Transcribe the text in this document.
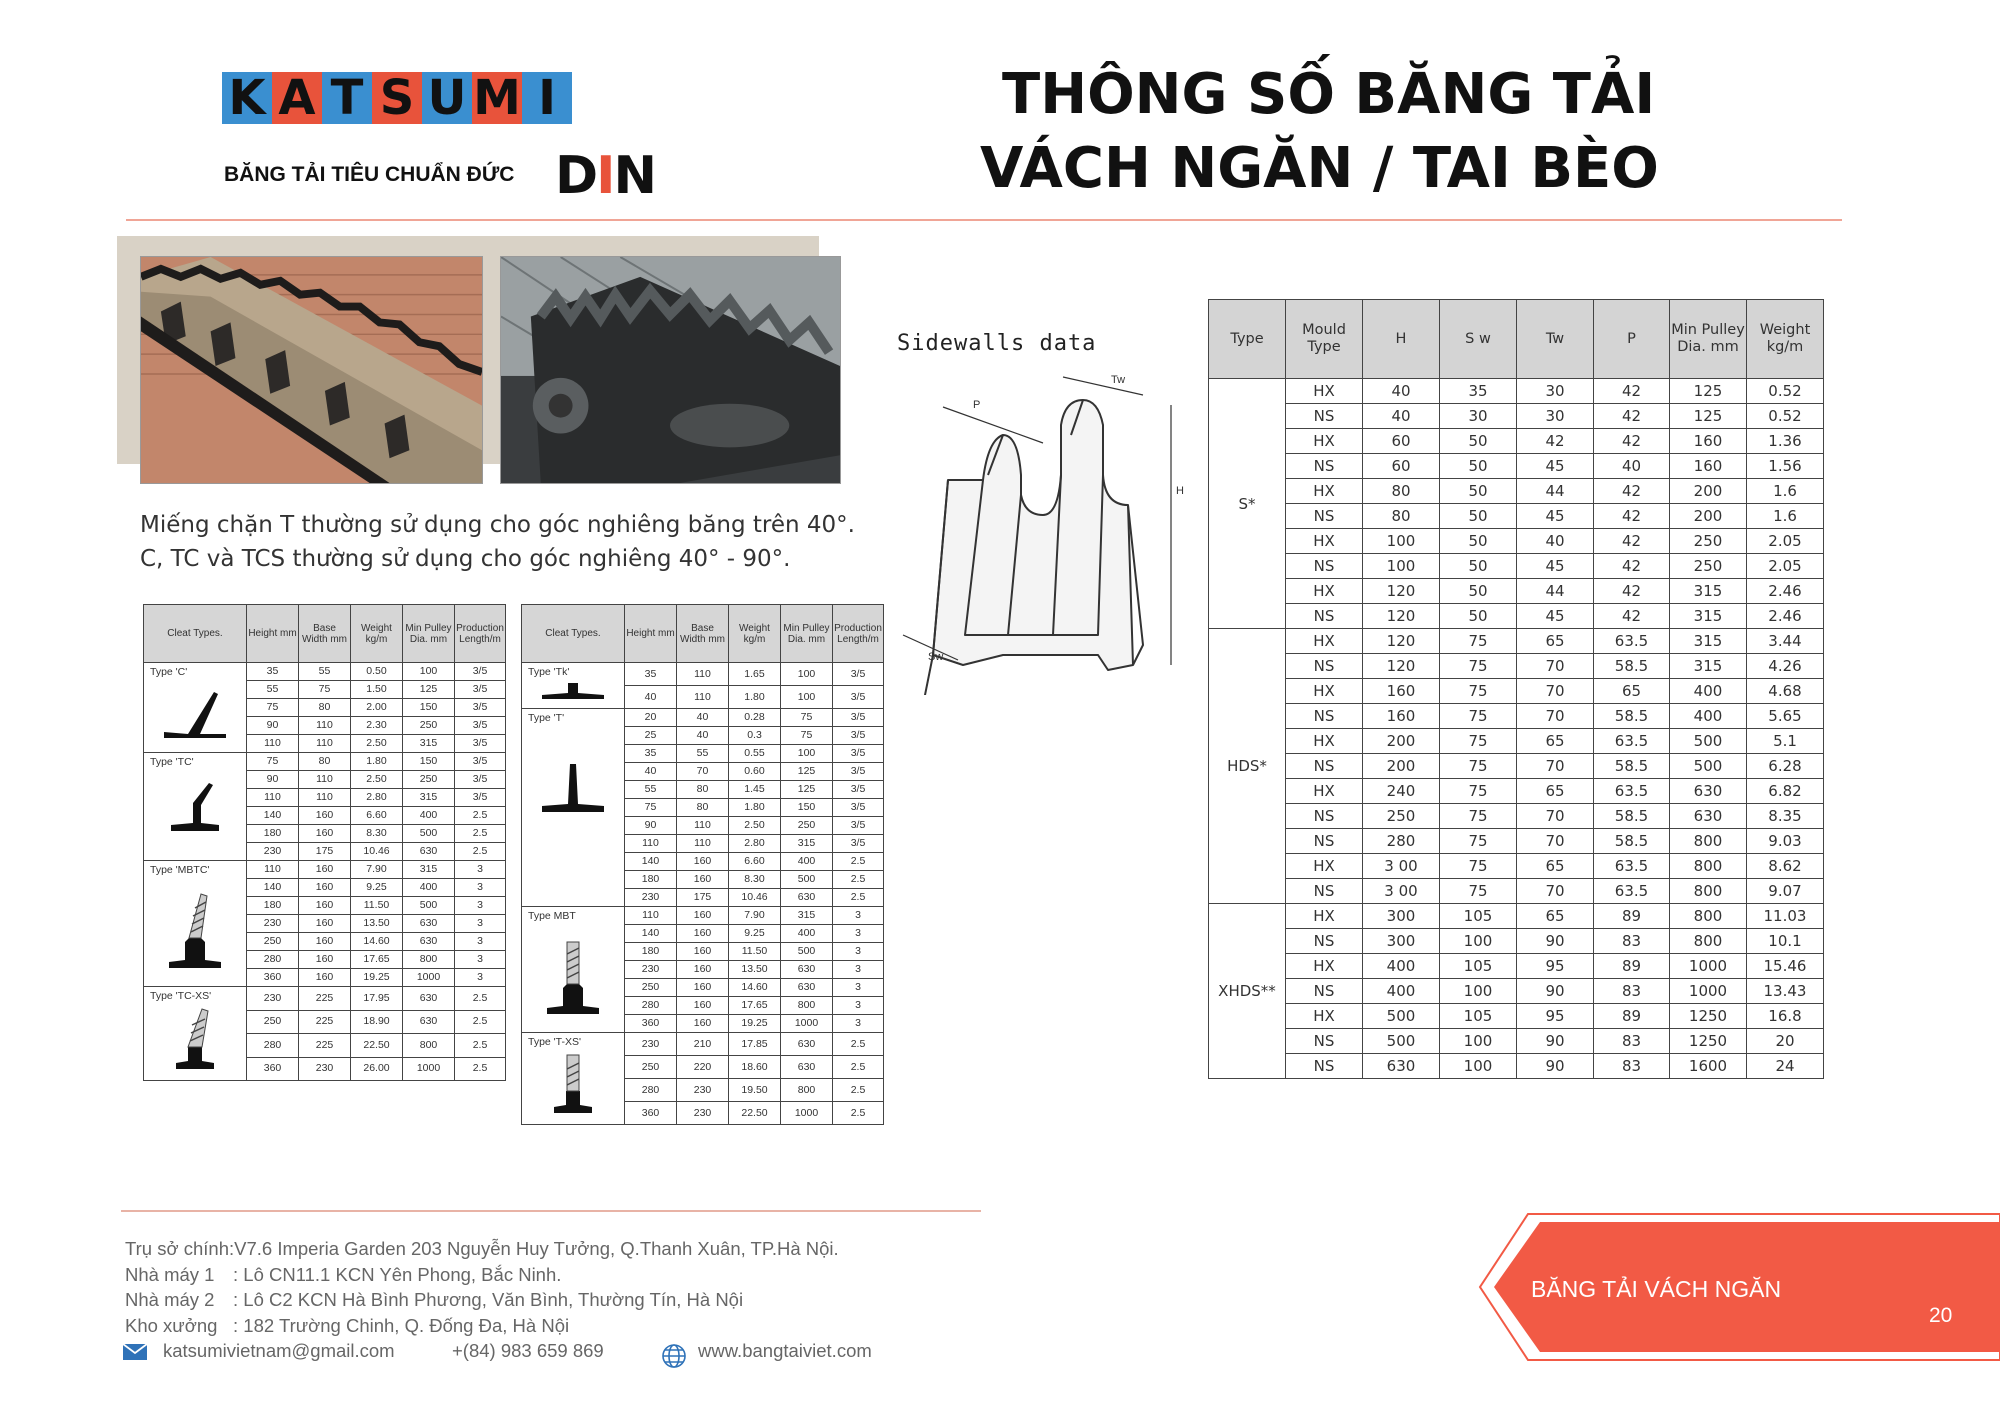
K A T S U M I
BĂNG TẢI TIÊU CHUẨN ĐỨC DIN
THÔNG SỐ BĂNG TẢI
VÁCH NGĂN / TAI BÈO
Miếng chặn T thường sử dụng cho góc nghiêng băng trên 40°.
C, TC và TCS thường sử dụng cho góc nghiêng 40° - 90°.
Cleat Types.	Height mm	Base Width mm	Weight kg/m	Min Pulley Dia. mm	Production Length/m
Type 'C'	35	55	0.50	100	3/5
	55	75	1.50	125	3/5
	75	80	2.00	150	3/5
	90	110	2.30	250	3/5
	110	110	2.50	315	3/5
Type 'TC'	75	80	1.80	150	3/5
	90	110	2.50	250	3/5
	110	110	2.80	315	3/5
	140	160	6.60	400	2.5
	180	160	8.30	500	2.5
	230	175	10.46	630	2.5
Type 'MBTC'	110	160	7.90	315	3
	140	160	9.25	400	3
	180	160	11.50	500	3
	230	160	13.50	630	3
	250	160	14.60	630	3
	280	160	17.65	800	3
	360	160	19.25	1000	3
Type 'TC-XS'	230	225	17.95	630	2.5
	250	225	18.90	630	2.5
	280	225	22.50	800	2.5
	360	230	26.00	1000	2.5
Cleat Types.	Height mm	Base Width mm	Weight kg/m	Min Pulley Dia. mm	Production Length/m
Type 'Tk'	35	110	1.65	100	3/5
	40	110	1.80	100	3/5
Type 'T'	20	40	0.28	75	3/5
	25	40	0.3	75	3/5
	35	55	0.55	100	3/5
	40	70	0.60	125	3/5
	55	80	1.45	125	3/5
	75	80	1.80	150	3/5
	90	110	2.50	250	3/5
	110	110	2.80	315	3/5
	140	160	6.60	400	2.5
	180	160	8.30	500	2.5
	230	175	10.46	630	2.5
Type MBT	110	160	7.90	315	3
	140	160	9.25	400	3
	180	160	11.50	500	3
	230	160	13.50	630	3
	250	160	14.60	630	3
	280	160	17.65	800	3
	360	160	19.25	1000	3
Type 'T-XS'	230	210	17.85	630	2.5
	250	220	18.60	630	2.5
	280	230	19.50	800	2.5
	360	230	22.50	1000	2.5
Sidewalls data
P
Tw
H
Sw
Type	Mould Type	H	S w	Tw	P	Min Pulley Dia. mm	Weight kg/m
S*	HX	40	35	30	42	125	0.52
	NS	40	30	30	42	125	0.52
	HX	60	50	42	42	160	1.36
	NS	60	50	45	40	160	1.56
	HX	80	50	44	42	200	1.6
	NS	80	50	45	42	200	1.6
	HX	100	50	40	42	250	2.05
	NS	100	50	45	42	250	2.05
	HX	120	50	44	42	315	2.46
	NS	120	50	45	42	315	2.46
HDS*	HX	120	75	65	63.5	315	3.44
	NS	120	75	70	58.5	315	4.26
	HX	160	75	70	65	400	4.68
	NS	160	75	70	58.5	400	5.65
	HX	200	75	65	63.5	500	5.1
	NS	200	75	70	58.5	500	6.28
	HX	240	75	65	63.5	630	6.82
	NS	250	75	70	58.5	630	8.35
	NS	280	75	70	58.5	800	9.03
	HX	3 00	75	65	63.5	800	8.62
	NS	3 00	75	70	63.5	800	9.07
XHDS**	HX	300	105	65	89	800	11.03
	NS	300	100	90	83	800	10.1
	HX	400	105	95	89	1000	15.46
	NS	400	100	90	83	1000	13.43
	HX	500	105	95	89	1250	16.8
	NS	500	100	90	83	1250	20
	NS	630	100	90	83	1600	24
Trụ sở chính: V7.6 Imperia Garden 203 Nguyễn Huy Tưởng, Q.Thanh Xuân, TP.Hà Nội.
Nhà máy 1	: Lô CN11.1 KCN Yên Phong, Bắc Ninh.
Nhà máy 2	: Lô C2 KCN Hà Bình Phương, Văn Bình, Thường Tín, Hà Nội
Kho xưởng : 182 Trường Chinh, Q. Đống Đa, Hà Nội
katsumivietnam@gmail.com	+(84) 983 659 869	www.bangtaiviet.com
BĂNG TẢI VÁCH NGĂN
20
